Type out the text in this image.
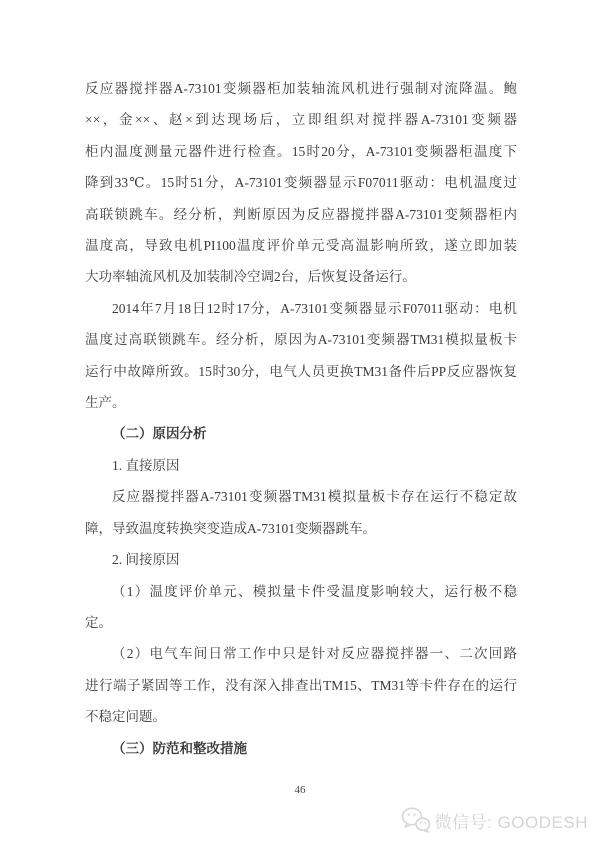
反应器搅拌器A-73101变频器柜加装轴流风机进行强制对流降温。鲍
××，金××、赵×到达现场后，立即组织对搅拌器A-73101变频器
柜内温度测量元器件进行检查。15时20分，A-73101变频器柜温度下
降到33℃。15时51分，A-73101变频器显示F07011驱动：电机温度过
高联锁跳车。经分析，判断原因为反应器搅拌器A-73101变频器柜内
温度高，导致电机PI100温度评价单元受高温影响所致，遂立即加装
大功率轴流风机及加装制冷空调2台，后恢复设备运行。
2014年7月18日12时17分，A-73101变频器显示F07011驱动：电机
温度过高联锁跳车。经分析，原因为A-73101变频器TM31模拟量板卡
运行中故障所致。15时30分，电气人员更换TM31备件后PP反应器恢复
生产。
（二）原因分析
1. 直接原因
反应器搅拌器A-73101变频器TM31模拟量板卡存在运行不稳定故
障，导致温度转换突变造成A-73101变频器跳车。
2. 间接原因
（1）温度评价单元、模拟量卡件受温度影响较大，运行极不稳
定。
（2）电气车间日常工作中只是针对反应器搅拌器一、二次回路
进行端子紧固等工作，没有深入排查出TM15、TM31等卡件存在的运行
不稳定问题。
（三）防范和整改措施
46
微信号: GOODESH
